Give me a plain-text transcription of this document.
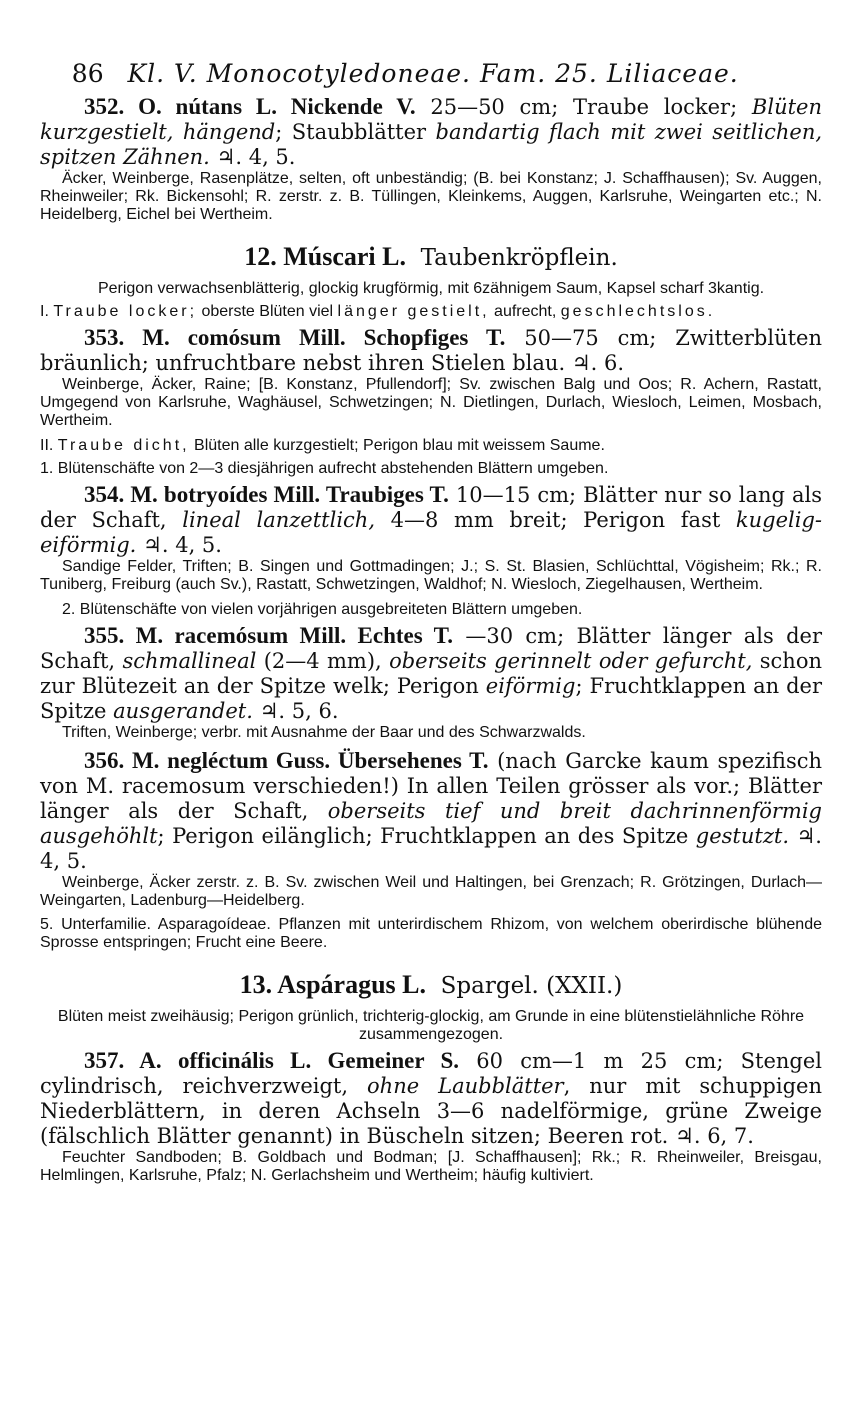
86 Kl. V. Monocotyledoneae. Fam. 25. Liliaceae.

352. O. nútans L. Nickende V. 25—50 cm; Traube locker; Blüten kurzgestielt, hängend; Staubblätter bandartig flach mit zwei seitlichen, spitzen Zähnen. ♃. 4, 5.

Äcker, Weinberge, Rasenplätze, selten, oft unbeständig; (B. bei Konstanz; J. Schaffhausen); Sv. Auggen, Rheinweiler; Rk. Bickensohl; R. zerstr. z. B. Tüllingen, Kleinkems, Auggen, Karlsruhe, Weingarten etc.; N. Heidelberg, Eichel bei Wertheim.

12. Múscari L. Taubenkröpflein.

Perigon verwachsenblätterig, glockig krugförmig, mit 6zähnigem Saum, Kapsel scharf 3kantig.

I. Traube locker; oberste Blüten viel länger gestielt, aufrecht, geschlechtslos.

353. M. comósum Mill. Schopfiges T. 50—75 cm; Zwitterblüten bräunlich; unfruchtbare nebst ihren Stielen blau. ♃. 6.

Weinberge, Äcker, Raine; [B. Konstanz, Pfullendorf]; Sv. zwischen Balg und Oos; R. Achern, Rastatt, Umgegend von Karlsruhe, Waghäusel, Schwetzingen; N. Dietlingen, Durlach, Wiesloch, Leimen, Mosbach, Wertheim.

II. Traube dicht, Blüten alle kurzgestielt; Perigon blau mit weissem Saume.

1. Blütenschäfte von 2—3 diesjährigen aufrecht abstehenden Blättern umgeben.

354. M. botryoídes Mill. Traubiges T. 10—15 cm; Blätter nur so lang als der Schaft, lineal lanzettlich, 4—8 mm breit; Perigon fast kugelig-eiförmig. ♃. 4, 5.

Sandige Felder, Triften; B. Singen und Gottmadingen; J.; S. St. Blasien, Schlüchttal, Vögisheim; Rk.; R. Tuniberg, Freiburg (auch Sv.), Rastatt, Schwetzingen, Waldhof; N. Wiesloch, Ziegelhausen, Wertheim.

2. Blütenschäfte von vielen vorjährigen ausgebreiteten Blättern umgeben.

355. M. racemósum Mill. Echtes T. —30 cm; Blätter länger als der Schaft, schmallineal (2—4 mm), oberseits gerinnelt oder gefurcht, schon zur Blütezeit an der Spitze welk; Perigon eiförmig; Fruchtklappen an der Spitze ausgerandet. ♃. 5, 6.

Triften, Weinberge; verbr. mit Ausnahme der Baar und des Schwarzwalds.

356. M. negléctum Guss. Übersehenes T. (nach Garcke kaum spezifisch von M. racemosum verschieden!) In allen Teilen grösser als vor.; Blätter länger als der Schaft, oberseits tief und breit dachrinnenförmig ausgehöhlt; Perigon eilänglich; Fruchtklappen an des Spitze gestutzt. ♃. 4, 5.

Weinberge, Äcker zerstr. z. B. Sv. zwischen Weil und Haltingen, bei Grenzach; R. Grötzingen, Durlach—Weingarten, Ladenburg—Heidelberg.

5. Unterfamilie. Asparagoídeae. Pflanzen mit unterirdischem Rhizom, von welchem oberirdische blühende Sprosse entspringen; Frucht eine Beere.

13. Aspáragus L. Spargel. (XXII.)

Blüten meist zweihäusig; Perigon grünlich, trichterig-glockig, am Grunde in eine blütenstielähnliche Röhre zusammengezogen.

357. A. officinális L. Gemeiner S. 60 cm—1 m 25 cm; Stengel cylindrisch, reichverzweigt, ohne Laubblätter, nur mit schuppigen Niederblättern, in deren Achseln 3—6 nadelförmige, grüne Zweige (fälschlich Blätter genannt) in Büscheln sitzen; Beeren rot. ♃. 6, 7.

Feuchter Sandboden; B. Goldbach und Bodman; [J. Schaffhausen]; Rk.; R. Rheinweiler, Breisgau, Helmlingen, Karlsruhe, Pfalz; N. Gerlachsheim und Wertheim; häufig kultiviert.
